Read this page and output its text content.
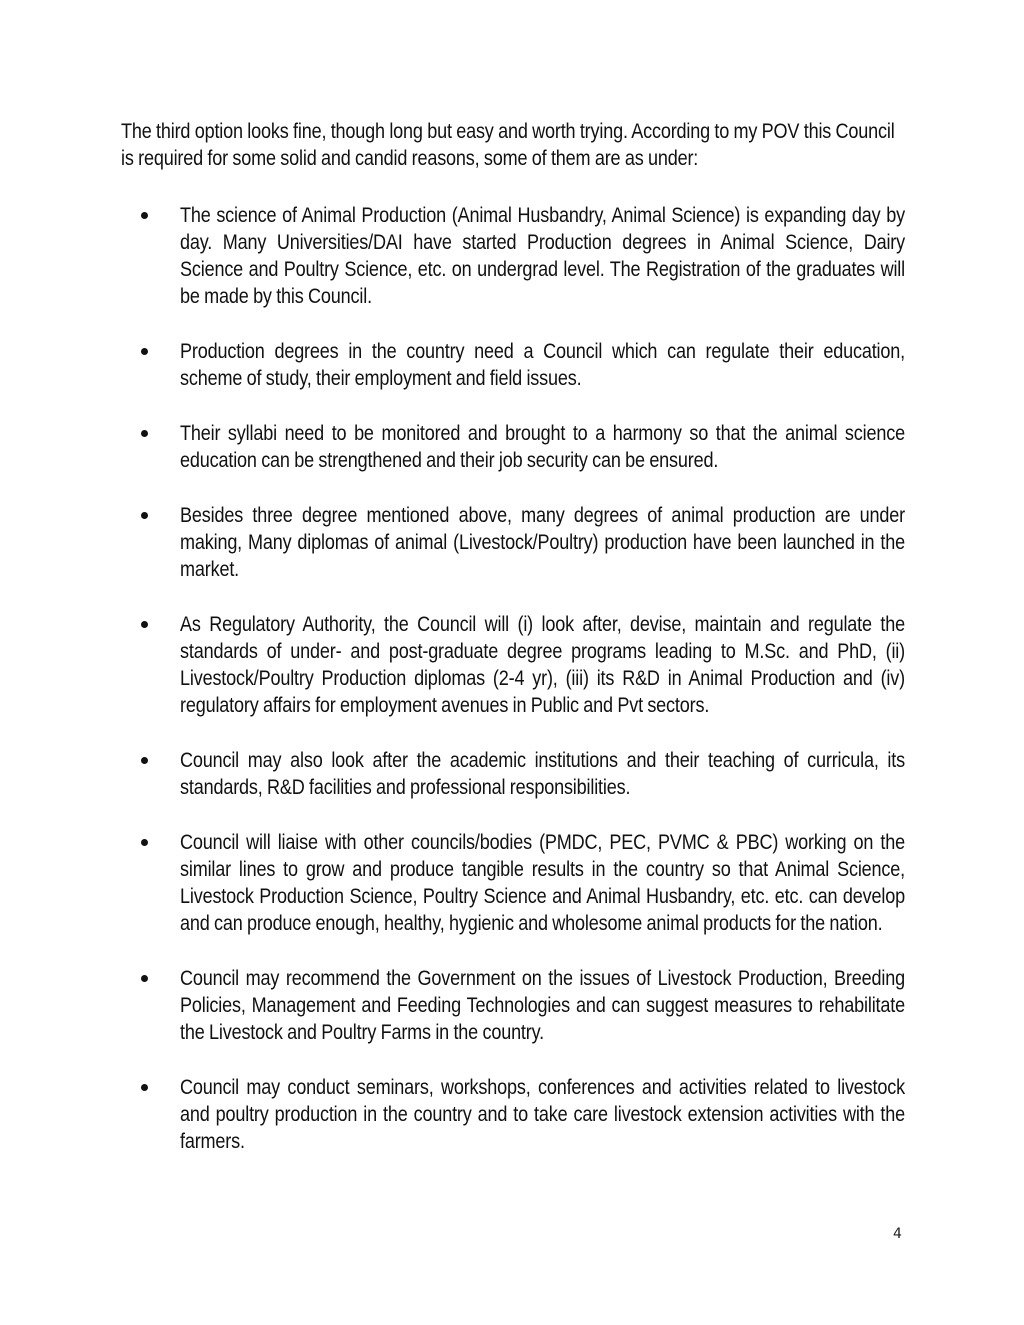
The third option looks fine, though long but easy and worth trying. According to my POV this Council is required for some solid and candid reasons, some of them are as under:

The science of Animal Production (Animal Husbandry, Animal Science) is expanding day by day. Many Universities/DAI have started Production degrees in Animal Science, Dairy Science and Poultry Science, etc. on undergrad level. The Registration of the graduates will be made by this Council.
Production degrees in the country need a Council which can regulate their education, scheme of study, their employment and field issues.
Their syllabi need to be monitored and brought to a harmony so that the animal science education can be strengthened and their job security can be ensured.
Besides three degree mentioned above, many degrees of animal production are under making, Many diplomas of animal (Livestock/Poultry) production have been launched in the market.
As Regulatory Authority, the Council will (i) look after, devise, maintain and regulate the standards of under- and post-graduate degree programs leading to M.Sc. and PhD, (ii) Livestock/Poultry Production diplomas (2-4 yr), (iii) its R&D in Animal Production and (iv) regulatory affairs for employment avenues in Public and Pvt sectors.
Council may also look after the academic institutions and their teaching of curricula, its standards, R&D facilities and professional responsibilities.
Council will liaise with other councils/bodies (PMDC, PEC, PVMC & PBC) working on the similar lines to grow and produce tangible results in the country so that Animal Science, Livestock Production Science, Poultry Science and Animal Husbandry, etc. etc. can develop and can produce enough, healthy, hygienic and wholesome animal products for the nation.
Council may recommend the Government on the issues of Livestock Production, Breeding Policies, Management and Feeding Technologies and can suggest measures to rehabilitate the Livestock and Poultry Farms in the country.
Council may conduct seminars, workshops, conferences and activities related to livestock and poultry production in the country and to take care livestock extension activities with the farmers.
4
